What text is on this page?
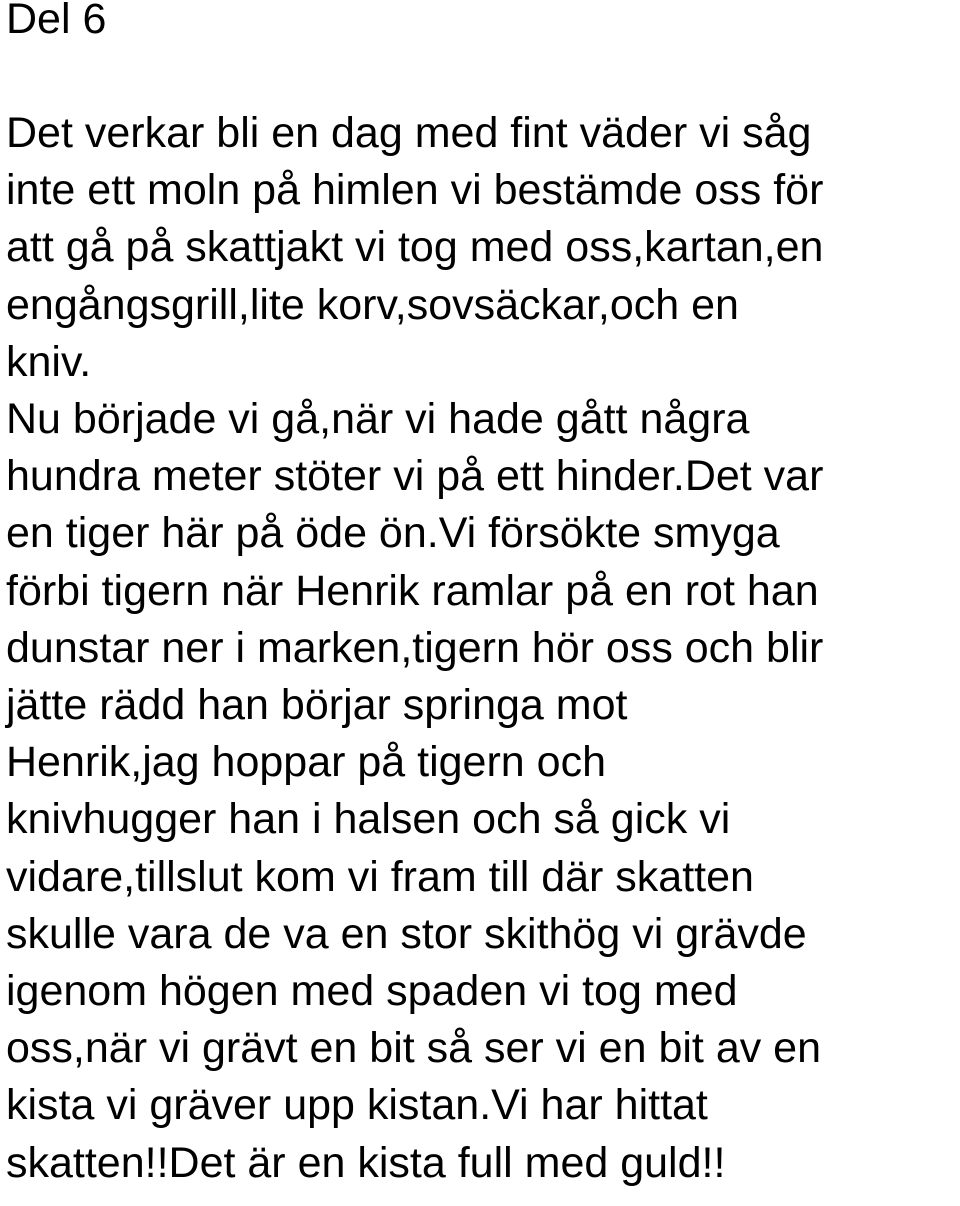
Del 6
Det verkar bli en dag med fint väder vi såg
inte ett moln på himlen vi bestämde oss för
att gå på skattjakt vi tog med oss,kartan,en
engångsgrill,lite korv,sovsäckar,och en
kniv.
Nu började vi gå,när vi hade gått några
hundra meter stöter vi på ett hinder.Det var
en tiger här på öde ön.Vi försökte smyga
förbi tigern när Henrik ramlar på en rot han
dunstar ner i marken,tigern hör oss och blir
jätte rädd han börjar springa mot
Henrik,jag hoppar på tigern och
knivhugger han i halsen och så gick vi
vidare,tillslut kom vi fram till där skatten
skulle vara de va en stor skithög vi grävde
igenom högen med spaden vi tog med
oss,när vi grävt en bit så ser vi en bit av en
kista vi gräver upp kistan.Vi har hittat
skatten!!Det är en kista full med guld!!
